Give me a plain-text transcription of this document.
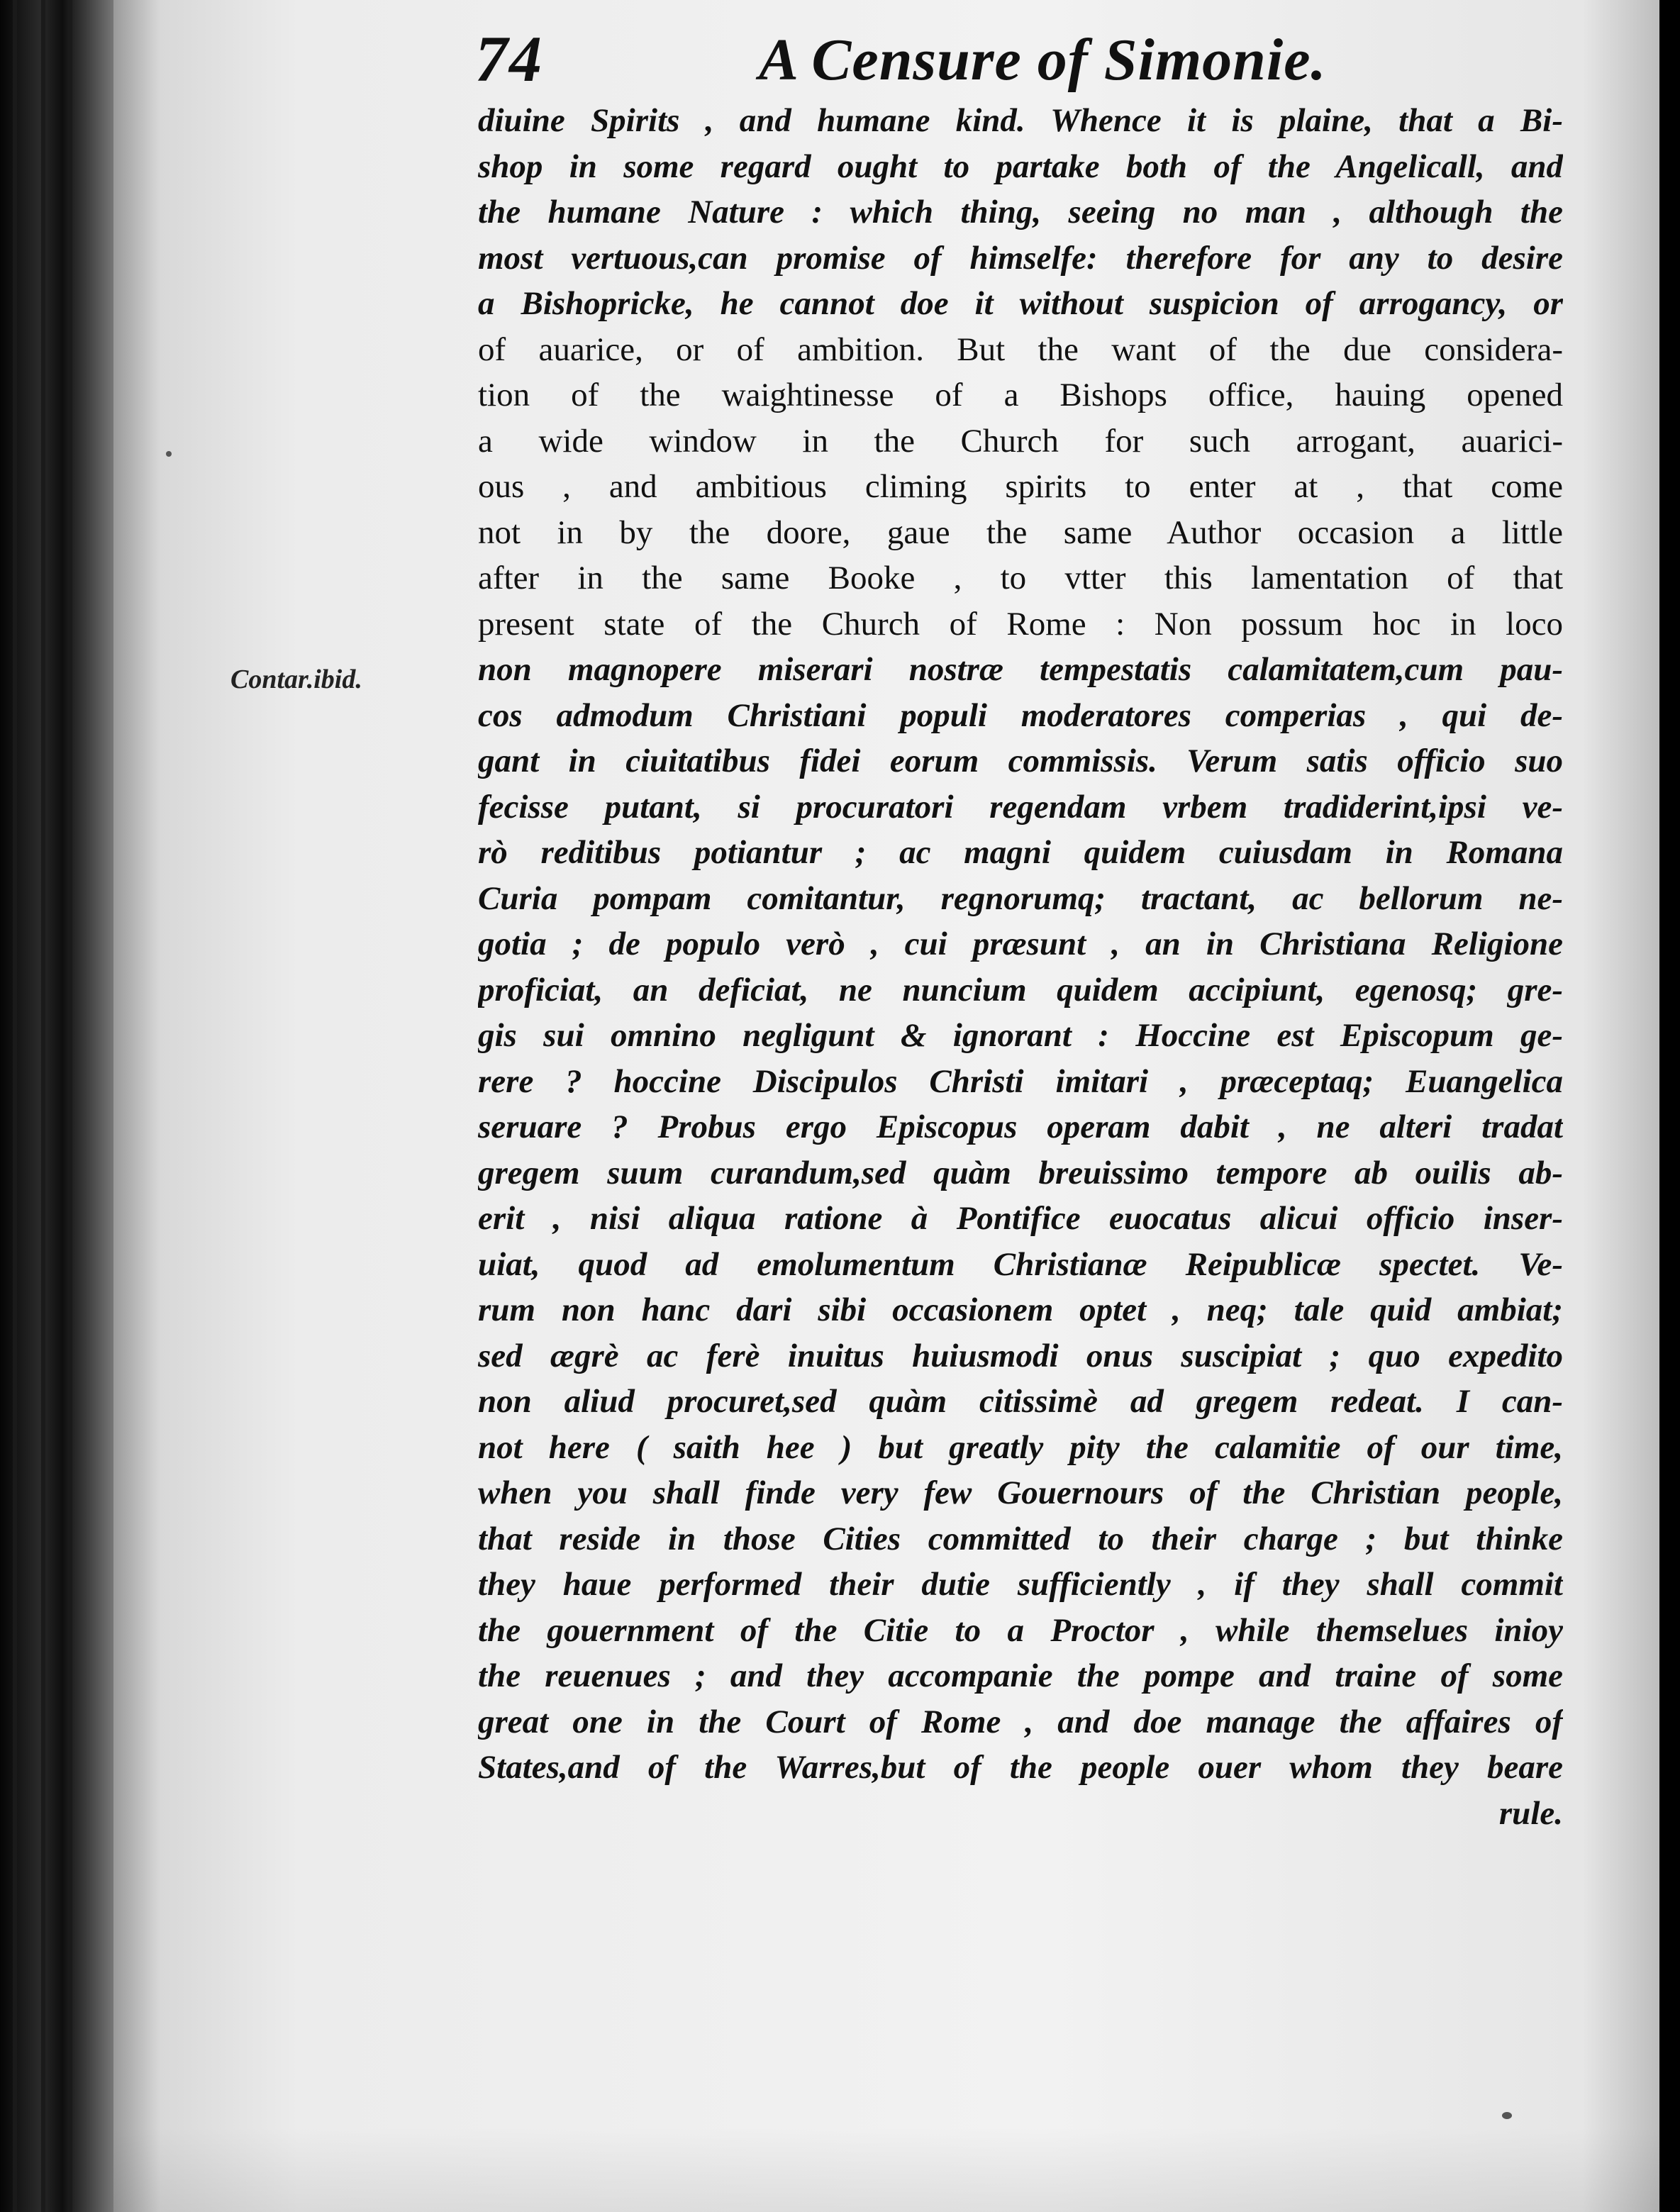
74	A Censure of Simonie.
Contar.ibid.
diuine Spirits , and humane kind. Whence it is plaine, that a Bi-
shop in some regard ought to partake both of the Angelicall, and
the humane Nature : which thing, seeing no man , although the
most vertuous,can promise of himselfe: therefore for any to desire
a Bishopricke, he cannot doe it without suspicion of arrogancy, or
of auarice, or of ambition. But the want of the due considera-
tion of the waightinesse of a Bishops office, hauing opened
a wide window in the Church for such arrogant, auarici-
ous , and ambitious climing spirits to enter at , that come
not in by the doore, gaue the same Author occasion a little
after in the same Booke , to vtter this lamentation of that
present state of the Church of Rome : Non possum hoc in loco
non magnopere miserari nostræ tempestatis calamitatem,cum pau-
cos admodum Christiani populi moderatores comperias , qui de-
gant in ciuitatibus fidei eorum commissis. Verum satis officio suo
fecisse putant, si procuratori regendam vrbem tradiderint,ipsi ve-
rò reditibus potiantur ; ac magni quidem cuiusdam in Romana
Curia pompam comitantur, regnorumq; tractant, ac bellorum ne-
gotia ; de populo verò , cui præsunt , an in Christiana Religione
proficiat, an deficiat, ne nuncium quidem accipiunt, egenosq; gre-
gis sui omnino negligunt & ignorant : Hoccine est Episcopum ge-
rere ? hoccine Discipulos Christi imitari , præceptaq; Euangelica
seruare ? Probus ergo Episcopus operam dabit , ne alteri tradat
gregem suum curandum,sed quàm breuissimo tempore ab ouilis ab-
erit , nisi aliqua ratione à Pontifice euocatus alicui officio inser-
uiat, quod ad emolumentum Christianæ Reipublicæ spectet. Ve-
rum non hanc dari sibi occasionem optet , neq; tale quid ambiat;
sed ægrè ac ferè inuitus huiusmodi onus suscipiat ; quo expedito
non aliud procuret,sed quàm citissimè ad gregem redeat. I can-
not here ( saith hee ) but greatly pity the calamitie of our time,
when you shall finde very few Gouernours of the Christian people,
that reside in those Cities committed to their charge ; but thinke
they haue performed their dutie sufficiently , if they shall commit
the gouernment of the Citie to a Proctor , while themselues inioy
the reuenues ; and they accompanie the pompe and traine of some
great one in the Court of Rome , and doe manage the affaires of
States,and of the Warres,but of the people ouer whom they beare
rule.
